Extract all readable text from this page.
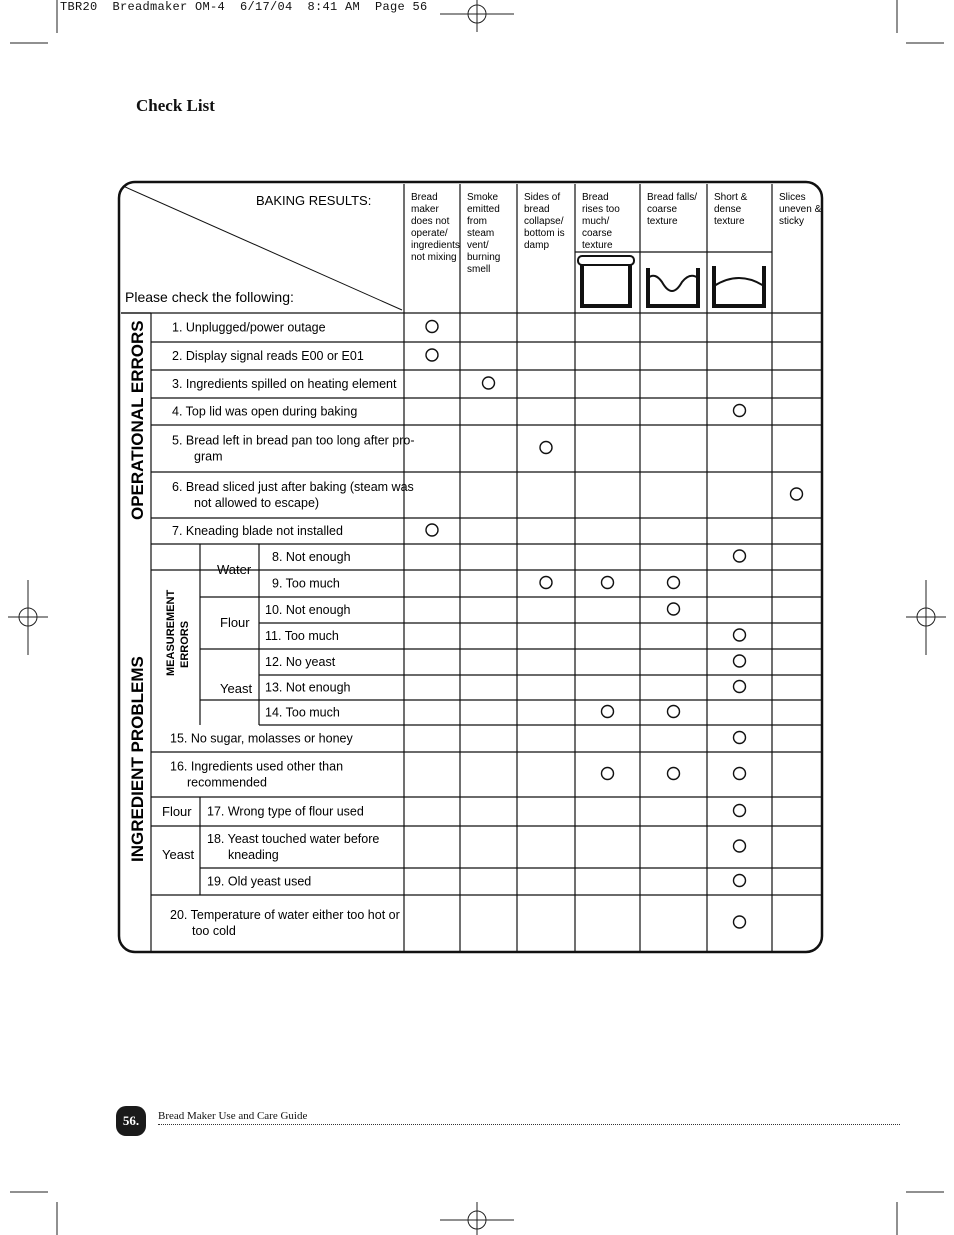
TBR20  Breadmaker OM-4  6/17/04  8:41 AM  Page 56
Check List
BAKING RESULTS:
Please check the following:
Bread
maker
does not
operate/
ingredients
not mixing
Smoke
emitted
from
steam
vent/
burning
smell
Sides of
bread
collapse/
bottom is
damp
Bread
rises too
much/
coarse
texture
Bread falls/
coarse
texture
Short &
dense
texture
Slices
uneven &
sticky
OPERATIONAL ERRORS
INGREDIENT PROBLEMS
MEASUREMENT ERRORS
Water
Flour
Yeast
Flour
Yeast
1. Unplugged/power outage
2. Display signal reads E00 or E01
3. Ingredients spilled on heating element
4. Top lid was open during baking
5. Bread left in bread pan too long after pro-
gram
6. Bread sliced just after baking (steam was
not allowed to escape)
7. Kneading blade not installed
8. Not enough
9. Too much
10. Not enough
11. Too much
12. No yeast
13. Not enough
14. Too much
15. No sugar, molasses or honey
16. Ingredients used other than
recommended
17. Wrong type of flour used
18. Yeast touched water before
kneading
19. Old yeast used
20. Temperature of water either too hot or
too cold
56.	Bread Maker Use and Care Guide
